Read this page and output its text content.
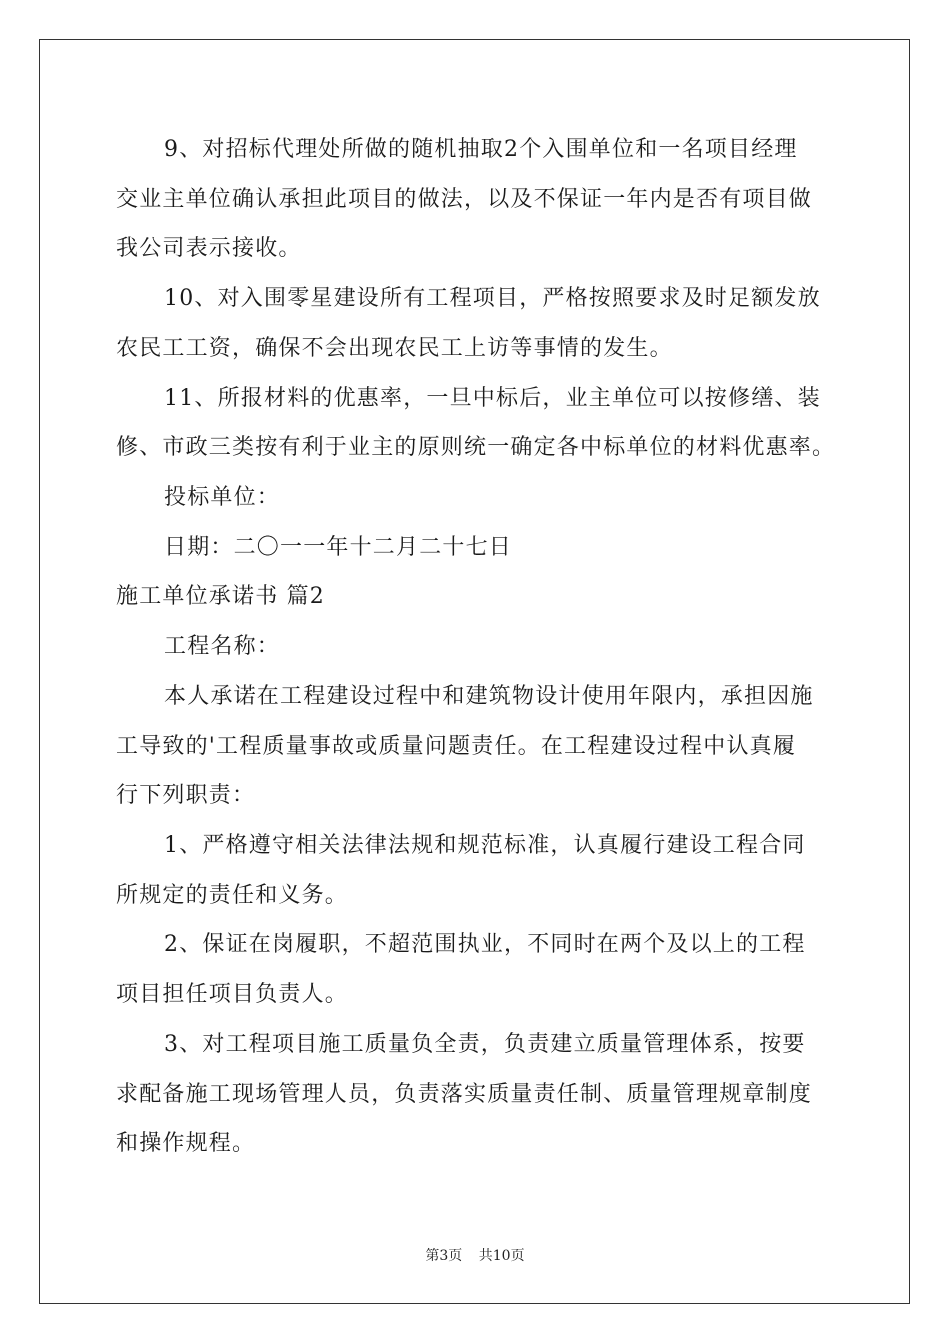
9、对招标代理处所做的随机抽取2个入围单位和一名项目经理
交业主单位确认承担此项目的做法，以及不保证一年内是否有项目做
我公司表示接收。
10、对入围零星建设所有工程项目，严格按照要求及时足额发放
农民工工资，确保不会出现农民工上访等事情的发生。
11、所报材料的优惠率，一旦中标后，业主单位可以按修缮、装
修、市政三类按有利于业主的原则统一确定各中标单位的材料优惠率。
投标单位：
日期：二〇一一年十二月二十七日
施工单位承诺书 篇2
工程名称：
本人承诺在工程建设过程中和建筑物设计使用年限内，承担因施
工导致的'工程质量事故或质量问题责任。在工程建设过程中认真履
行下列职责：
1、严格遵守相关法律法规和规范标准，认真履行建设工程合同
所规定的责任和义务。
2、保证在岗履职，不超范围执业，不同时在两个及以上的工程
项目担任项目负责人。
3、对工程项目施工质量负全责，负责建立质量管理体系，按要
求配备施工现场管理人员，负责落实质量责任制、质量管理规章制度
和操作规程。
第3页 共10页
